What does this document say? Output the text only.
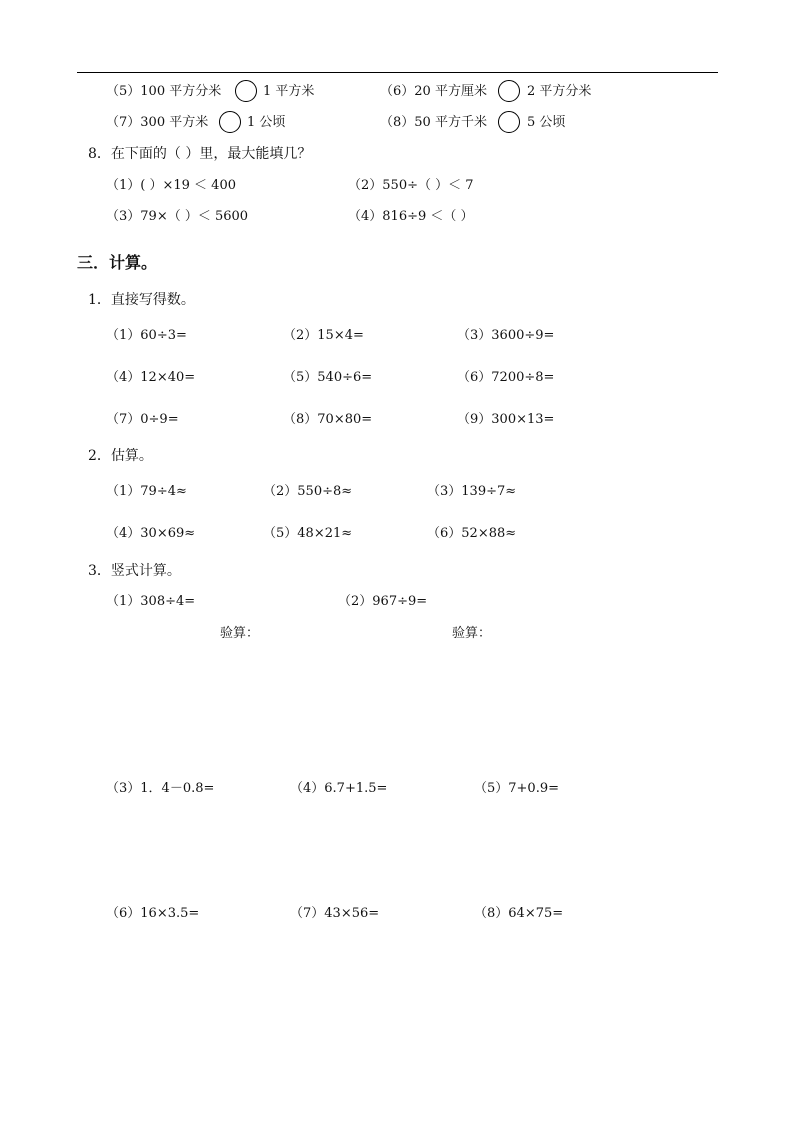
（5）100 平方分米	1 平方米	（6）20 平方厘米	2 平方分米
（7）300 平方米	1 公顷	（8）50 平方千米	5 公顷
8．在下面的（ ）里，最大能填几？
（1）( ）×19 ＜ 400	（2）550÷（ ）＜ 7
（3）79×（ ）＜ 5600	（4）816÷9 ＜（ ）
三．计算。
1．直接写得数。
（1）60÷3=	（2）15×4=	（3）3600÷9=
（4）12×40=	（5）540÷6=	（6）7200÷8=
（7）0÷9=	（8）70×80=	（9）300×13=
2．估算。
（1）79÷4≈	（2）550÷8≈	（3）139÷7≈
（4）30×69≈	（5）48×21≈	（6）52×88≈
3．竖式计算。
（1）308÷4=	（2）967÷9=
验算：	验算：
（3）1．4－0.8=	（4）6.7+1.5=	（5）7+0.9=
（6）16×3.5=	（7）43×56=	（8）64×75=
